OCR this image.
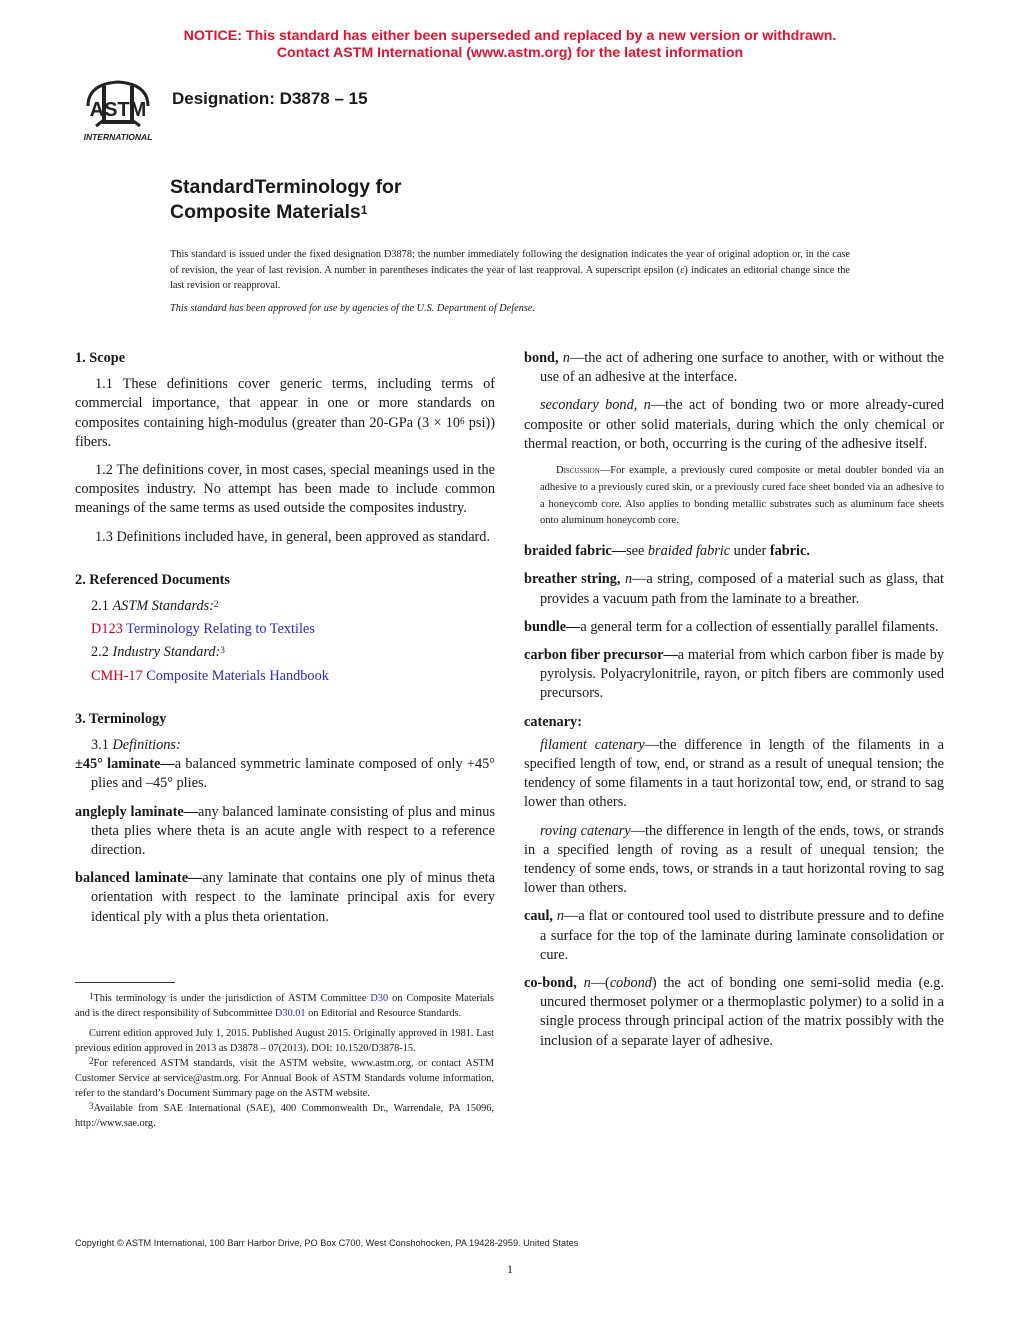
NOTICE: This standard has either been superseded and replaced by a new version or withdrawn.
Contact ASTM International (www.astm.org) for the latest information
ASTM
INTERNATIONAL
Designation: D3878 – 15
StandardTerminology for
Composite Materials$^1$
This standard is issued under the fixed designation D3878; the number immediately following the designation indicates the year of original adoption or, in the case of revision, the year of last revision. A number in parentheses indicates the year of last reapproval. A superscript epsilon (ε) indicates an editorial change since the last revision or reapproval.
This standard has been approved for use by agencies of the U.S. Department of Defense.
1. Scope

1.1 These definitions cover generic terms, including terms of commercial importance, that appear in one or more standards on composites containing high-modulus (greater than 20-GPa ($3 \times 10^6$ psi)) fibers.

1.2 The definitions cover, in most cases, special meanings used in the composites industry. No attempt has been made to include common meanings of the same terms as used outside the composites industry.

1.3 Definitions included have, in general, been approved as standard.

2. Referenced Documents

2.1 ASTM Standards:$^2$

D123 Terminology Relating to Textiles

2.2 Industry Standard:$^3$

CMH-17 Composite Materials Handbook

3. Terminology

3.1 Definitions:

±45° laminate—a balanced symmetric laminate composed of only +45° plies and –45° plies.

angleply laminate—any balanced laminate consisting of plus and minus theta plies where theta is an acute angle with respect to a reference direction.

balanced laminate—any laminate that contains one ply of minus theta orientation with respect to the laminate principal axis for every identical ply with a plus theta orientation.

$^1$This terminology is under the jurisdiction of ASTM Committee D30 on Composite Materials and is the direct responsibility of Subcommittee D30.01 on Editorial and Resource Standards.

Current edition approved July 1, 2015. Published August 2015. Originally approved in 1981. Last previous edition approved in 2013 as D3878 – 07(2013). DOI: 10.1520/D3878-15.

$^2$For referenced ASTM standards, visit the ASTM website, www.astm.org, or contact ASTM Customer Service at service@astm.org. For Annual Book of ASTM Standards volume information, refer to the standard’s Document Summary page on the ASTM website.

$^3$Available from SAE International (SAE), 400 Commonwealth Dr., Warrendale, PA 15096, http://www.sae.org.

bond, n—the act of adhering one surface to another, with or without the use of an adhesive at the interface.

secondary bond, n—the act of bonding two or more already-cured composite or other solid materials, during which the only chemical or thermal reaction, or both, occurring is the curing of the adhesive itself.

Discussion—For example, a previously cured composite or metal doubler bonded via an adhesive to a previously cured skin, or a previously cured face sheet bonded via an adhesive to a honeycomb core. Also applies to bonding metallic substrates such as aluminum face sheets onto aluminum honeycomb core.

braided fabric—see braided fabric under fabric.

breather string, n—a string, composed of a material such as glass, that provides a vacuum path from the laminate to a breather.

bundle—a general term for a collection of essentially parallel filaments.

carbon fiber precursor—a material from which carbon fiber is made by pyrolysis. Polyacrylonitrile, rayon, or pitch fibers are commonly used precursors.

catenary:

filament catenary—the difference in length of the filaments in a specified length of tow, end, or strand as a result of unequal tension; the tendency of some filaments in a taut horizontal tow, end, or strand to sag lower than others.

roving catenary—the difference in length of the ends, tows, or strands in a specified length of roving as a result of unequal tension; the tendency of some ends, tows, or strands in a taut horizontal roving to sag lower than others.

caul, n—a flat or contoured tool used to distribute pressure and to define a surface for the top of the laminate during laminate consolidation or cure.

co-bond, n—(cobond) the act of bonding one semi-solid media (e.g. uncured thermoset polymer or a thermoplastic polymer) to a solid in a single process through principal action of the matrix possibly with the inclusion of a separate layer of adhesive.

Copyright © ASTM International, 100 Barr Harbor Drive, PO Box C700, West Conshohocken, PA 19428-2959. United States
1
